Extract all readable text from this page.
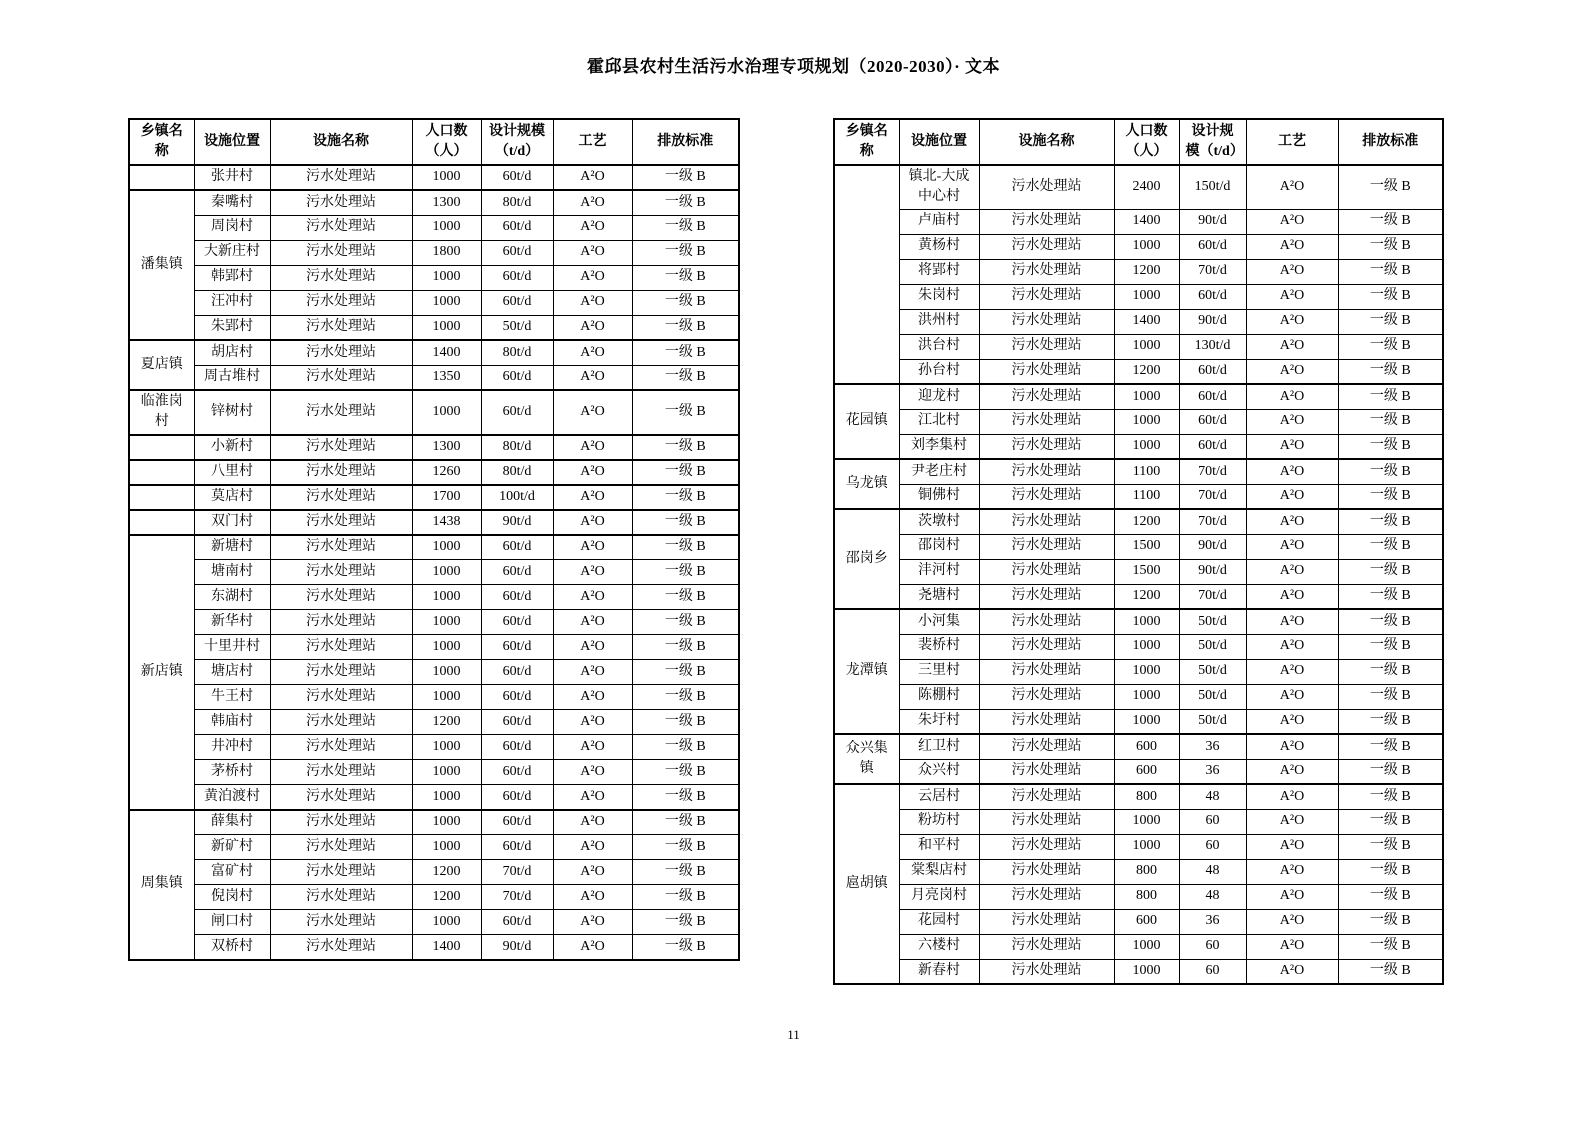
霍邱县农村生活污水治理专项规划（2020-2030）· 文本
乡镇名称	设施位置	设施名称	人口数（人）	设计规模（t/d）	工艺	排放标准
	张井村	污水处理站	1000	60t/d	A²O	一级 B
潘集镇	秦嘴村	污水处理站	1300	80t/d	A²O	一级 B
	周岗村	污水处理站	1000	60t/d	A²O	一级 B
	大新庄村	污水处理站	1800	60t/d	A²O	一级 B
	韩郢村	污水处理站	1000	60t/d	A²O	一级 B
	汪冲村	污水处理站	1000	60t/d	A²O	一级 B
	朱郢村	污水处理站	1000	50t/d	A²O	一级 B
夏店镇	胡店村	污水处理站	1400	80t/d	A²O	一级 B
	周古堆村	污水处理站	1350	60t/d	A²O	一级 B
临淮岗村	锌树村	污水处理站	1000	60t/d	A²O	一级 B
	小新村	污水处理站	1300	80t/d	A²O	一级 B
	八里村	污水处理站	1260	80t/d	A²O	一级 B
	莫店村	污水处理站	1700	100t/d	A²O	一级 B
	双门村	污水处理站	1438	90t/d	A²O	一级 B
新店镇	新塘村	污水处理站	1000	60t/d	A²O	一级 B
	塘南村	污水处理站	1000	60t/d	A²O	一级 B
	东湖村	污水处理站	1000	60t/d	A²O	一级 B
	新华村	污水处理站	1000	60t/d	A²O	一级 B
	十里井村	污水处理站	1000	60t/d	A²O	一级 B
	塘店村	污水处理站	1000	60t/d	A²O	一级 B
	牛王村	污水处理站	1000	60t/d	A²O	一级 B
	韩庙村	污水处理站	1200	60t/d	A²O	一级 B
	井冲村	污水处理站	1000	60t/d	A²O	一级 B
	茅桥村	污水处理站	1000	60t/d	A²O	一级 B
	黄泊渡村	污水处理站	1000	60t/d	A²O	一级 B
周集镇	薛集村	污水处理站	1000	60t/d	A²O	一级 B
	新矿村	污水处理站	1000	60t/d	A²O	一级 B
	富矿村	污水处理站	1200	70t/d	A²O	一级 B
	倪岗村	污水处理站	1200	70t/d	A²O	一级 B
	闸口村	污水处理站	1000	60t/d	A²O	一级 B
	双桥村	污水处理站	1400	90t/d	A²O	一级 B
乡镇名称	设施位置	设施名称	人口数（人）	设计规模（t/d）	工艺	排放标准
	镇北-大成中心村	污水处理站	2400	150t/d	A²O	一级 B
	卢庙村	污水处理站	1400	90t/d	A²O	一级 B
	黄杨村	污水处理站	1000	60t/d	A²O	一级 B
	将郢村	污水处理站	1200	70t/d	A²O	一级 B
	朱岗村	污水处理站	1000	60t/d	A²O	一级 B
	洪州村	污水处理站	1400	90t/d	A²O	一级 B
	洪台村	污水处理站	1000	130t/d	A²O	一级 B
	孙台村	污水处理站	1200	60t/d	A²O	一级 B
花园镇	迎龙村	污水处理站	1000	60t/d	A²O	一级 B
	江北村	污水处理站	1000	60t/d	A²O	一级 B
	刘李集村	污水处理站	1000	60t/d	A²O	一级 B
乌龙镇	尹老庄村	污水处理站	1100	70t/d	A²O	一级 B
	铜佛村	污水处理站	1100	70t/d	A²O	一级 B
邵岗乡	茨墩村	污水处理站	1200	70t/d	A²O	一级 B
	邵岗村	污水处理站	1500	90t/d	A²O	一级 B
	沣河村	污水处理站	1500	90t/d	A²O	一级 B
	尧塘村	污水处理站	1200	70t/d	A²O	一级 B
龙潭镇	小河集	污水处理站	1000	50t/d	A²O	一级 B
	裴桥村	污水处理站	1000	50t/d	A²O	一级 B
	三里村	污水处理站	1000	50t/d	A²O	一级 B
	陈棚村	污水处理站	1000	50t/d	A²O	一级 B
	朱圩村	污水处理站	1000	50t/d	A²O	一级 B
众兴集镇	红卫村	污水处理站	600	36	A²O	一级 B
	众兴村	污水处理站	600	36	A²O	一级 B
扈胡镇	云居村	污水处理站	800	48	A²O	一级 B
	粉坊村	污水处理站	1000	60	A²O	一级 B
	和平村	污水处理站	1000	60	A²O	一级 B
	棠梨店村	污水处理站	800	48	A²O	一级 B
	月亮岗村	污水处理站	800	48	A²O	一级 B
	花园村	污水处理站	600	36	A²O	一级 B
	六楼村	污水处理站	1000	60	A²O	一级 B
	新春村	污水处理站	1000	60	A²O	一级 B
11
